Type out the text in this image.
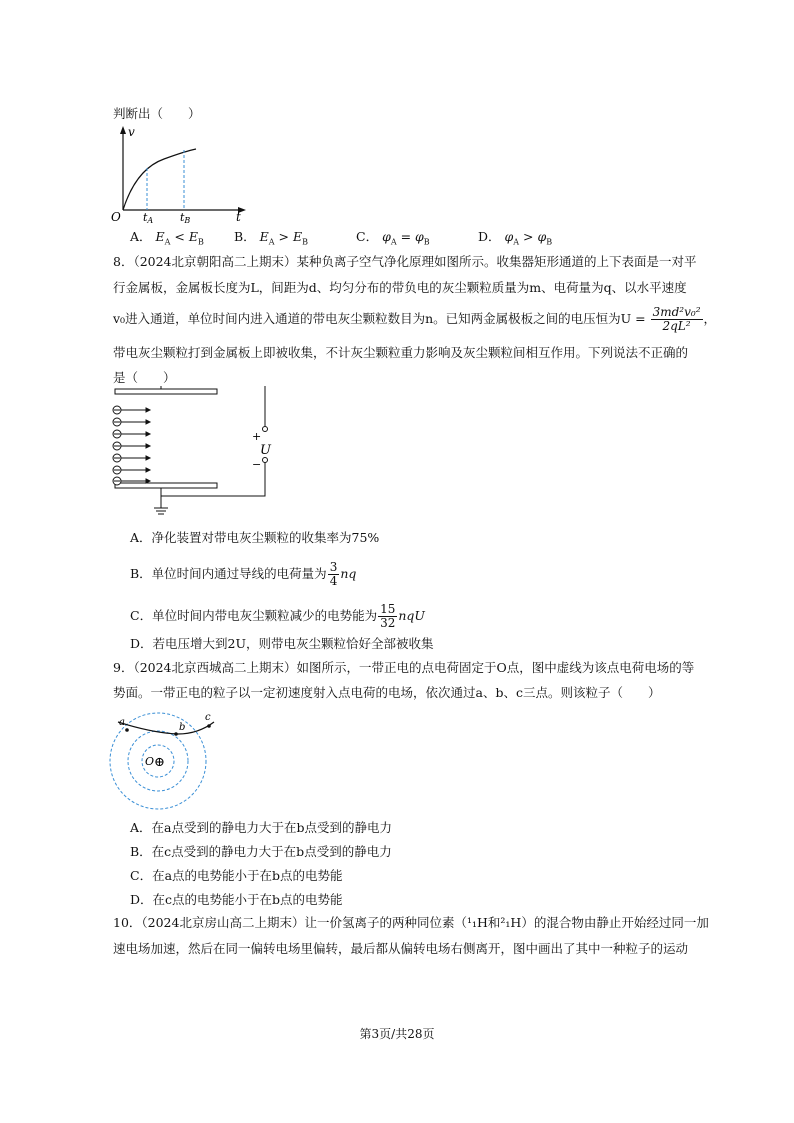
判断出（　　）
v
t
O tA tB
A． $E_A < E_B$ B． $E_A > E_B$	C． $\varphi_A = \varphi_B$	D． $\varphi_A > \varphi_B$
8．（2024北京朝阳高二上期末）某种负离子空气净化原理如图所示。收集器矩形通道的上下表面是一对平
行金属板，金属板长度为L，间距为d、均匀分布的带负电的灰尘颗粒质量为m、电荷量为q、以水平速度
v₀进入通道，单位时间内进入通道的带电灰尘颗粒数目为n。已知两金属极板之间的电压恒为$U = \frac{\text{3md²v₀²}}{\text{2qL²}}$ ，
带电灰尘颗粒打到金属板上即被收集，不计灰尘颗粒重力影响及灰尘颗粒间相互作用。下列说法不正确的
是（　　）
+
U
−
A．净化装置对带电灰尘颗粒的收集率为75%
B．单位时间内通过导线的电荷量为 $\frac{3}{4}$ nq
C．单位时间内带电灰尘颗粒减少的电势能为 $\frac{15}{32}$ nqU
D．若电压增大到2U，则带电灰尘颗粒恰好全部被收集
9．（2024北京西城高二上期末）如图所示，一带正电的点电荷固定于O点，图中虚线为该点电荷电场的等
势面。一带正电的粒子以一定初速度射入点电荷的电场，依次通过a、b、c三点。则该粒子（　　）
a	b
c
O ⊕
A．在a点受到的静电力大于在b点受到的静电力
B．在c点受到的静电力大于在b点受到的静电力
C．在a点的电势能小于在b点的电势能
D．在c点的电势能小于在b点的电势能
10．（2024北京房山高二上期末）让一价氢离子的两种同位素（¹₁H和²₁H）的混合物由静止开始经过同一加
速电场加速，然后在同一偏转电场里偏转，最后都从偏转电场右侧离开，图中画出了其中一种粒子的运动
第3页/共28页
